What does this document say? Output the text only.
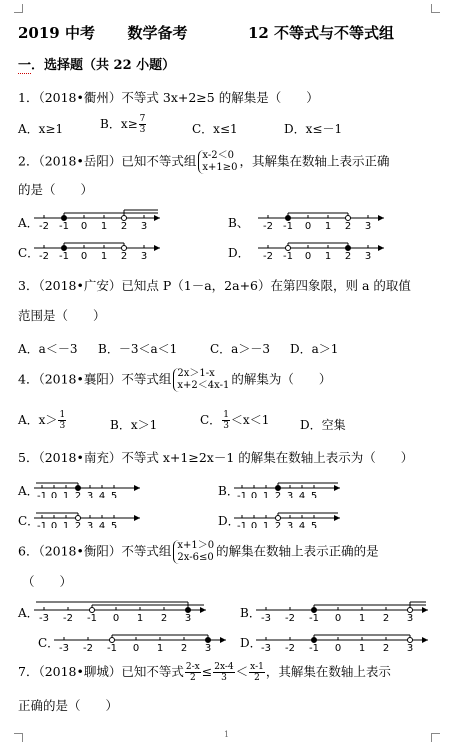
2019 中考 数学备考	12 不等式与不等式组
一．选择题（共 22 小题）
1．（2018•衢州）不等式 3x+2≥5 的解集是（　　）
A．x≥1	B．$x\ge \frac{7}{3}$	C．x≤1	D．x≤－1
2．（2018•岳阳）已知不等式组 x-2＜0
x+1≥0 ，其解集在数轴上表示正确
的是（　　）
A． -2 -1 0 1 2 3	B、 -2 -1 0 1 2 3
C． -2 -1 0 1 2 3	D． -2 -1 0 1 2 3
3．（2018•广安）已知点 P（1－a，2a+6）在第四象限，则 a 的取值
范围是（　　）
A．a＜－3 B．－3＜a＜1	C．a＞－3 D．a＞1
4．（2018•襄阳）不等式组 2x＞1-x
x+2＜4x-1 的解集为（　　）
A．$x> \frac{1}{3}$	B．x＞1	C． $\frac{1}{3} <x<1$	D．空集
5．（2018•南充）不等式 x+1≥2x－1 的解集在数轴上表示为（　　）
A．
-1 0 1 2 3 4 5	B．
-1 0 1 2 3 4 5
C．
-1 0 1 2 3 4 5	D．
-1 0 1 2 3 4 5
6．（2018•衡阳）不等式组 x+1＞0
2x-6≤0 的解集在数轴上表示正确的是
（　　）
A． -3 -2 -1 0 1 2 3	B． -3 -2 -1 0 1 2 3
C． -3 -2 -1 0 1 2 3 D． -3 -2 -1 0 1 2 3
7．（2018•聊城）已知不等式 $\frac{2-x}{2} \le \frac{2x-4}{3} < \frac{x-1}{2}$ ，其解集在数轴上表示
正确的是（　　）
1
